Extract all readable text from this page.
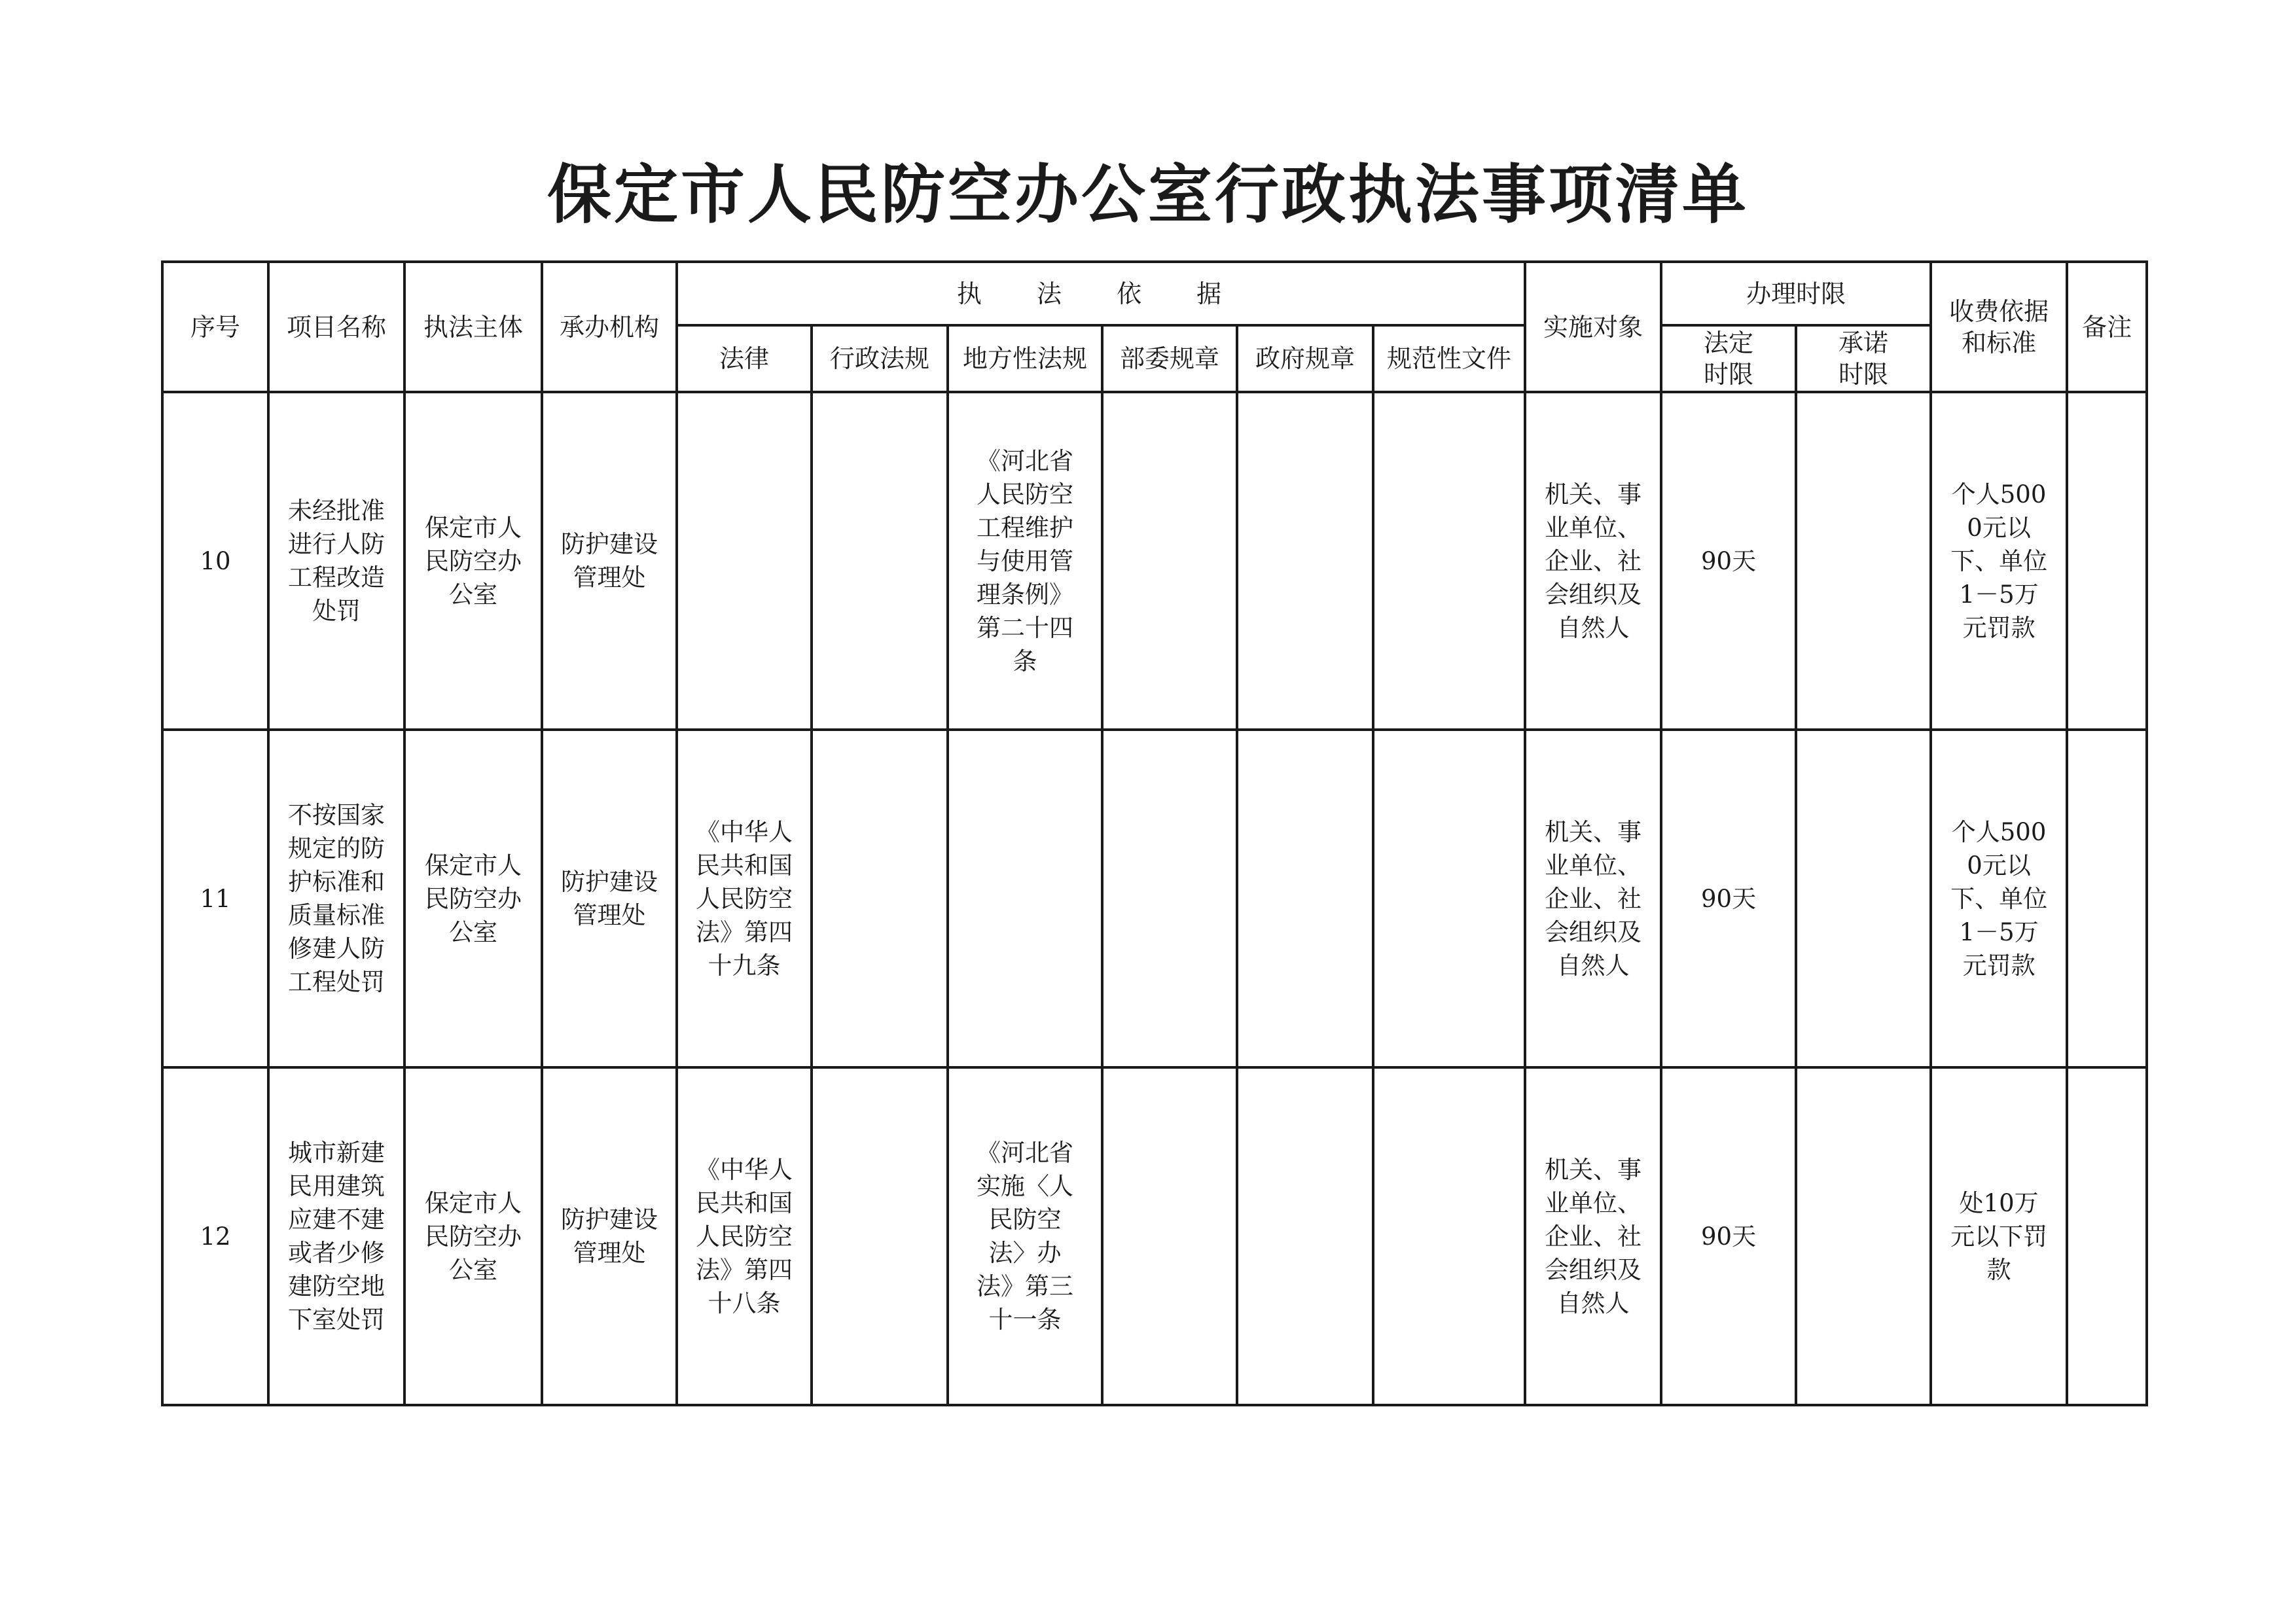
保定市人民防空办公室行政执法事项清单
序号	项目名称	执法主体	承办机构	执 法 依 据						实施对象	办理时限		收费依据和标准	备注
				法律	行政法规	地方性法规	部委规章	政府规章	规范性文件		法定时限	承诺时限		
10	未经批准进行人防工程改造处罚	保定市人民防空办公室	防护建设管理处			《河北省人民防空工程维护与使用管理条例》第二十四条				机关、事业单位、企业、社会组织及自然人	90天		个人5000元以下、单位1－5万元罚款	
11	不按国家规定的防护标准和质量标准修建人防工程处罚	保定市人民防空办公室	防护建设管理处	《中华人民共和国人民防空法》第四十九条						机关、事业单位、企业、社会组织及自然人	90天		个人5000元以下、单位1－5万元罚款	
12	城市新建民用建筑应建不建或者少修建防空地下室处罚	保定市人民防空办公室	防护建设管理处	《中华人民共和国人民防空法》第四十八条		《河北省实施〈人民防空法〉办法》第三十一条				机关、事业单位、企业、社会组织及自然人	90天		处10万元以下罚款	
